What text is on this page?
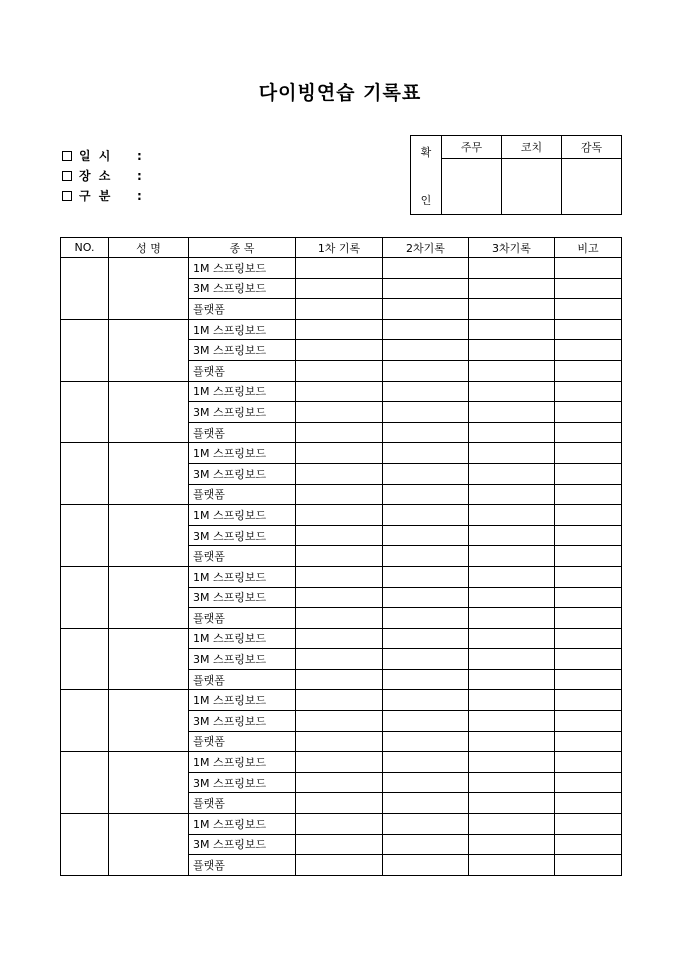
다이빙연습 기록표
일 시	:
장 소	:
구 분	:
확
인	주무	코치	감독

NO.	성 명	종 목	1차 기록	2차기록	3차기록	비고
		1M 스프링보드				
		3M 스프링보드				
		플랫폼				
		1M 스프링보드				
		3M 스프링보드				
		플랫폼				
		1M 스프링보드				
		3M 스프링보드				
		플랫폼				
		1M 스프링보드				
		3M 스프링보드				
		플랫폼				
		1M 스프링보드				
		3M 스프링보드				
		플랫폼				
		1M 스프링보드				
		3M 스프링보드				
		플랫폼				
		1M 스프링보드				
		3M 스프링보드				
		플랫폼				
		1M 스프링보드				
		3M 스프링보드				
		플랫폼				
		1M 스프링보드				
		3M 스프링보드				
		플랫폼				
		1M 스프링보드				
		3M 스프링보드				
		플랫폼				
